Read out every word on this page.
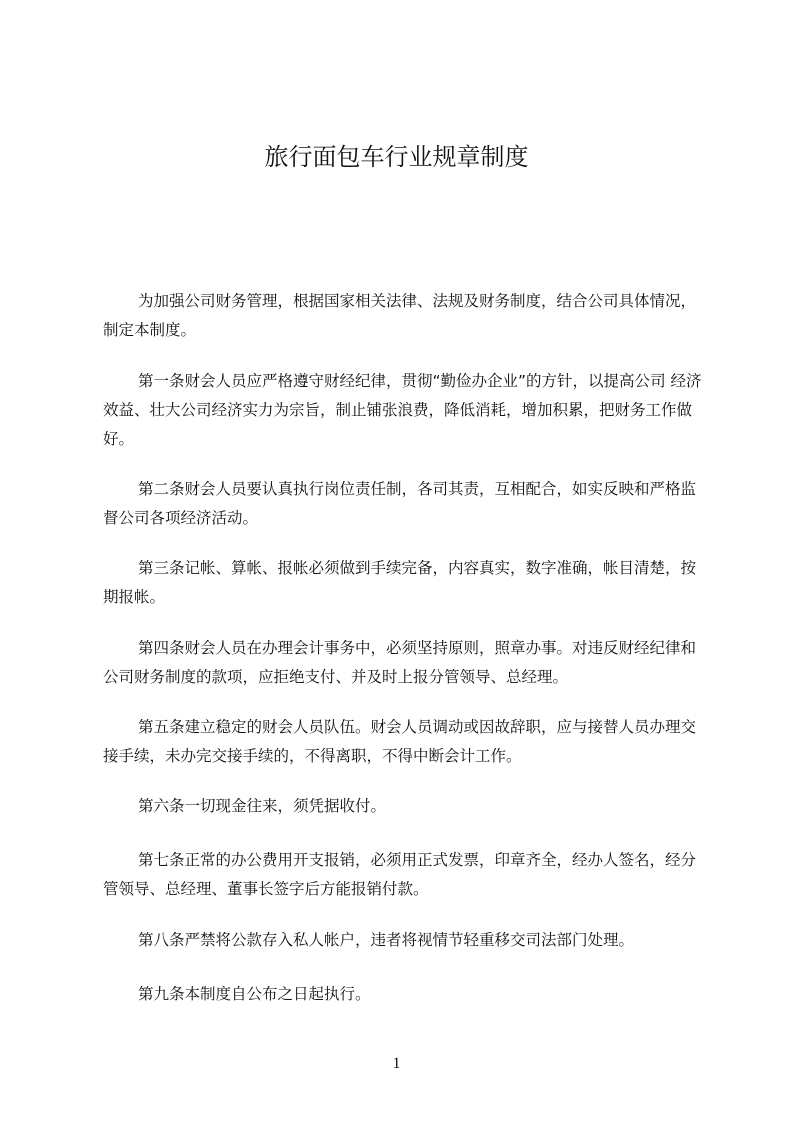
旅行面包车行业规章制度

为加强公司财务管理，根据国家相关法律、法规及财务制度，结合公司具体情况，制定本制度。

第一条财会人员应严格遵守财经纪律，贯彻“勤俭办企业”的方针，以提高公司 经济效益、壮大公司经济实力为宗旨，制止铺张浪费，降低消耗，增加积累，把财务工作做好。

第二条财会人员要认真执行岗位责任制，各司其责，互相配合，如实反映和严格监督公司各项经济活动。

第三条记帐、算帐、报帐必须做到手续完备，内容真实，数字准确，帐目清楚，按期报帐。

第四条财会人员在办理会计事务中，必须坚持原则，照章办事。对违反财经纪律和公司财务制度的款项，应拒绝支付、并及时上报分管领导、总经理。

第五条建立稳定的财会人员队伍。财会人员调动或因故辞职，应与接替人员办理交接手续，未办完交接手续的，不得离职，不得中断会计工作。

第六条一切现金往来，须凭据收付。

第七条正常的办公费用开支报销，必须用正式发票，印章齐全，经办人签名，经分管领导、总经理、董事长签字后方能报销付款。

第八条严禁将公款存入私人帐户，违者将视情节轻重移交司法部门处理。

第九条本制度自公布之日起执行。

1
